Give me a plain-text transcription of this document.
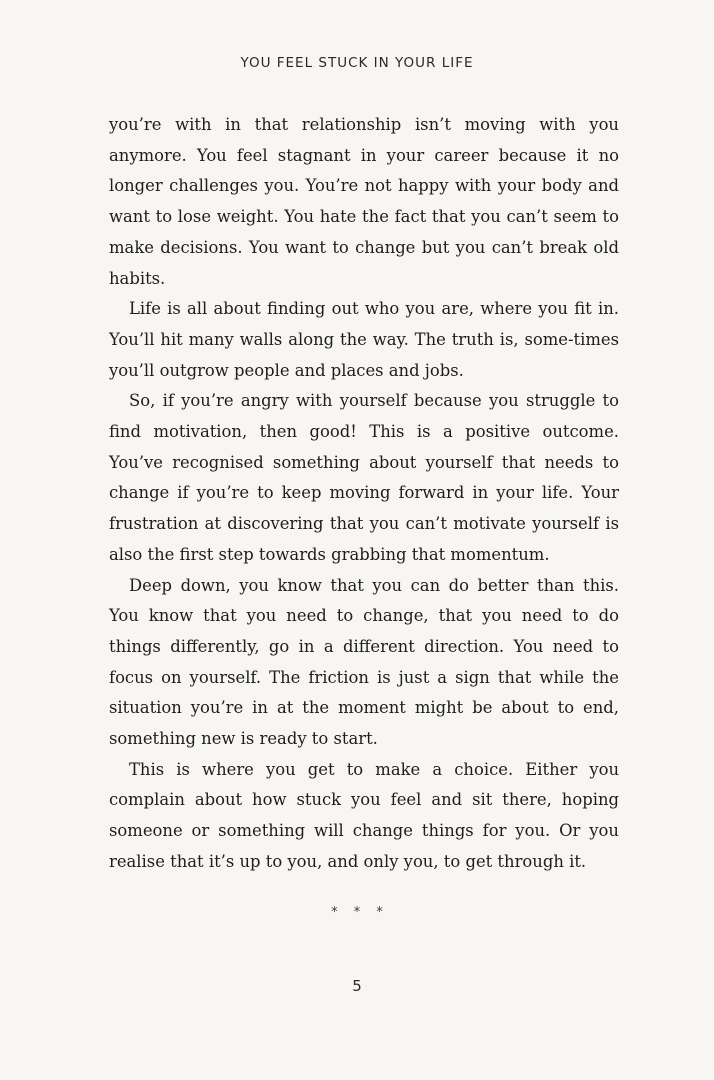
YOU FEEL STUCK IN YOUR LIFE

you’re with in that relationship isn’t moving with you anymore. You feel stagnant in your career because it no longer challenges you. You’re not happy with your body and want to lose weight. You hate the fact that you can’t seem to make decisions. You want to change but you can’t break old habits.

Life is all about finding out who you are, where you fit in. You’ll hit many walls along the way. The truth is, some-times you’ll outgrow people and places and jobs.

So, if you’re angry with yourself because you struggle to find motivation, then good! This is a positive outcome. You’ve recognised something about yourself that needs to change if you’re to keep moving forward in your life. Your frustration at discovering that you can’t motivate yourself is also the first step towards grabbing that momentum.

Deep down, you know that you can do better than this. You know that you need to change, that you need to do things differently, go in a different direction. You need to focus on yourself. The friction is just a sign that while the situation you’re in at the moment might be about to end, something new is ready to start.

This is where you get to make a choice. Either you complain about how stuck you feel and sit there, hoping someone or something will change things for you. Or you realise that it’s up to you, and only you, to get through it.

* * *
5
